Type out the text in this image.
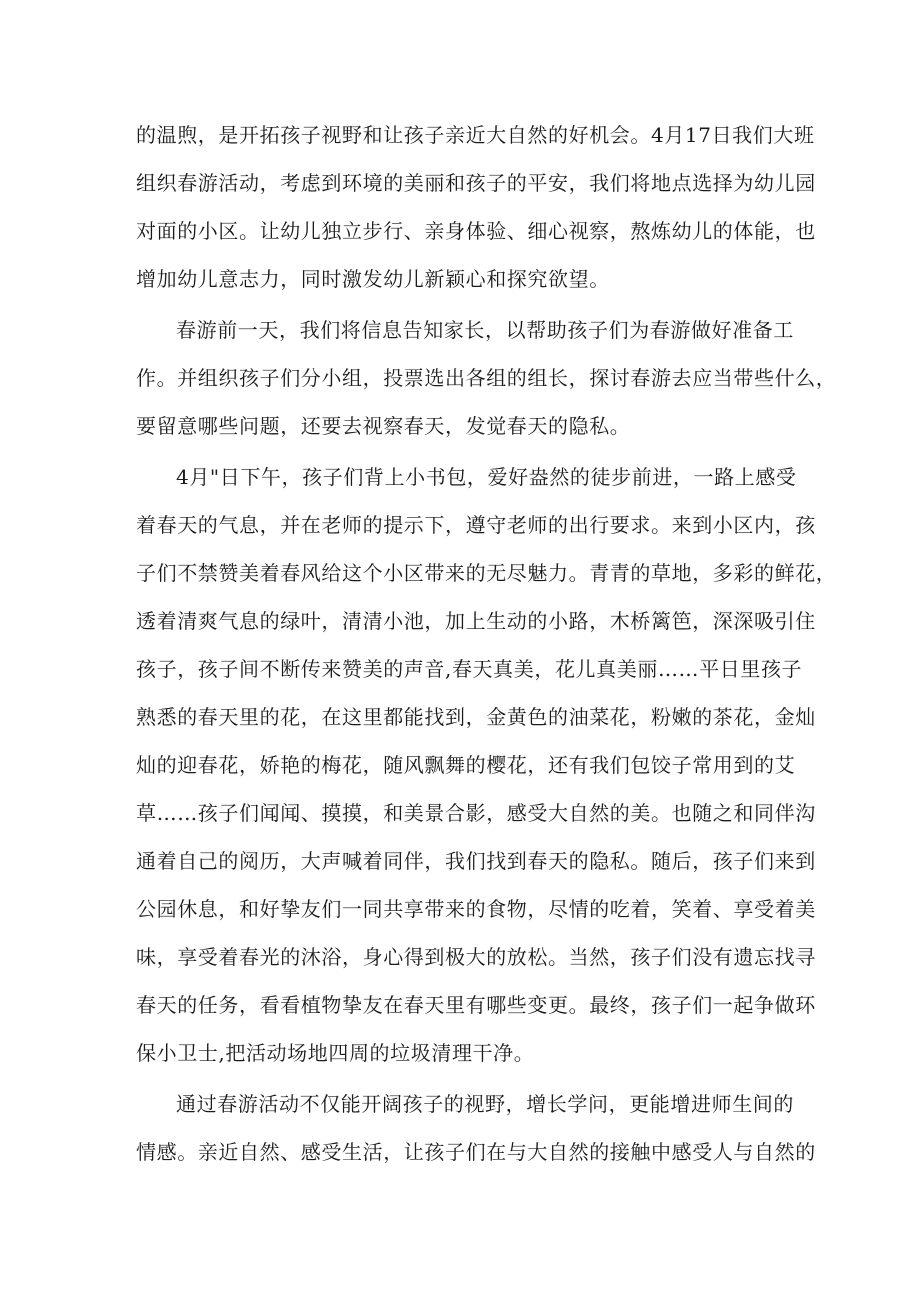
的温煦，是开拓孩子视野和让孩子亲近大自然的好机会。4月17日我们大班
组织春游活动，考虑到环境的美丽和孩子的平安，我们将地点选择为幼儿园
对面的小区。让幼儿独立步行、亲身体验、细心视察，熬炼幼儿的体能，也
增加幼儿意志力，同时激发幼儿新颖心和探究欲望。
春游前一天，我们将信息告知家长，以帮助孩子们为春游做好准备工
作。并组织孩子们分小组，投票选出各组的组长，探讨春游去应当带些什么，
要留意哪些问题，还要去视察春天，发觉春天的隐私。
4月"日下午，孩子们背上小书包，爱好盎然的徒步前进，一路上感受
着春天的气息，并在老师的提示下，遵守老师的出行要求。来到小区内，孩
子们不禁赞美着春风给这个小区带来的无尽魅力。青青的草地，多彩的鲜花，
透着清爽气息的绿叶，清清小池，加上生动的小路，木桥篱笆，深深吸引住
孩子，孩子间不断传来赞美的声音,春天真美，花儿真美丽……平日里孩子
熟悉的春天里的花，在这里都能找到，金黄色的油菜花，粉嫩的茶花，金灿
灿的迎春花，娇艳的梅花，随风飘舞的樱花，还有我们包饺子常用到的艾
草……孩子们闻闻、摸摸，和美景合影，感受大自然的美。也随之和同伴沟
通着自己的阅历，大声喊着同伴，我们找到春天的隐私。随后，孩子们来到
公园休息，和好挚友们一同共享带来的食物，尽情的吃着，笑着、享受着美
味，享受着春光的沐浴，身心得到极大的放松。当然，孩子们没有遗忘找寻
春天的任务，看看植物挚友在春天里有哪些变更。最终，孩子们一起争做环
保小卫士,把活动场地四周的垃圾清理干净。
通过春游活动不仅能开阔孩子的视野，增长学问，更能增进师生间的
情感。亲近自然、感受生活，让孩子们在与大自然的接触中感受人与自然的
